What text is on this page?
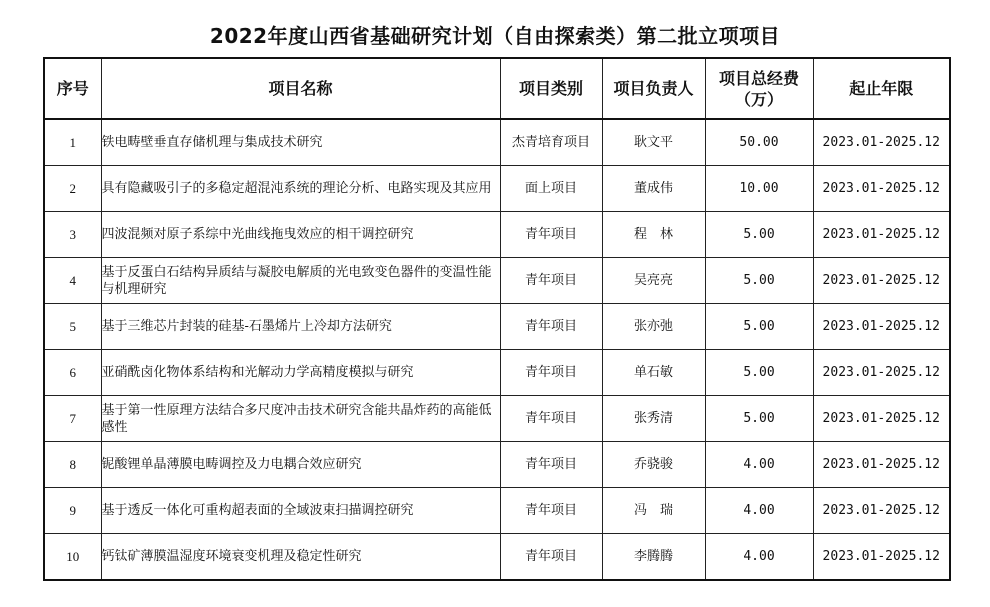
2022年度山西省基础研究计划（自由探索类）第二批立项项目
序号	项目名称	项目类别	项目负责人	项目总经费（万）	起止年限
1	铁电畴壁垂直存储机理与集成技术研究	杰青培育项目	耿文平	50.00	2023.01-2025.12
2	具有隐藏吸引子的多稳定超混沌系统的理论分析、电路实现及其应用	面上项目	董成伟	10.00	2023.01-2025.12
3	四波混频对原子系综中光曲线拖曳效应的相干调控研究	青年项目	程　林	5.00	2023.01-2025.12
4	基于反蛋白石结构异质结与凝胶电解质的光电致变色器件的变温性能与机理研究	青年项目	吴亮亮	5.00	2023.01-2025.12
5	基于三维芯片封装的硅基-石墨烯片上冷却方法研究	青年项目	张亦弛	5.00	2023.01-2025.12
6	亚硝酰卤化物体系结构和光解动力学高精度模拟与研究	青年项目	单石敏	5.00	2023.01-2025.12
7	基于第一性原理方法结合多尺度冲击技术研究含能共晶炸药的高能低感性	青年项目	张秀清	5.00	2023.01-2025.12
8	铌酸锂单晶薄膜电畴调控及力电耦合效应研究	青年项目	乔骁骏	4.00	2023.01-2025.12
9	基于透反一体化可重构超表面的全域波束扫描调控研究	青年项目	冯　瑞	4.00	2023.01-2025.12
10	钙钛矿薄膜温湿度环境衰变机理及稳定性研究	青年项目	李腾腾	4.00	2023.01-2025.12
